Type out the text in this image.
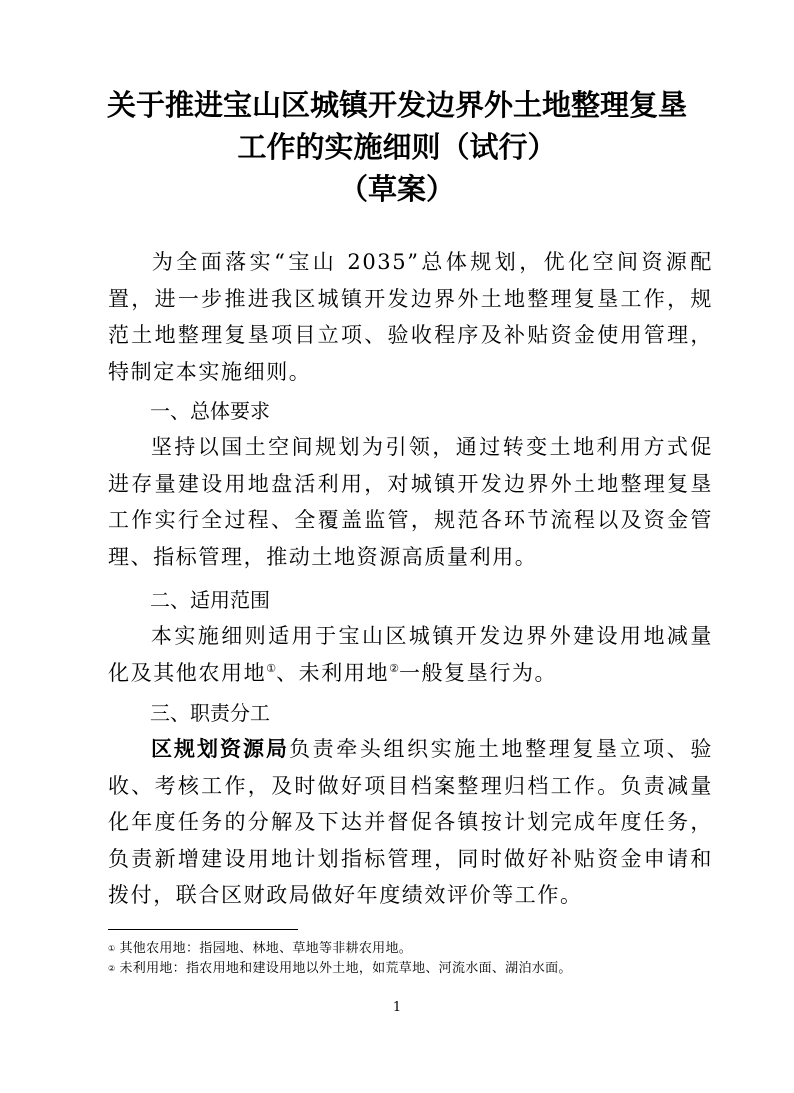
关于推进宝山区城镇开发边界外土地整理复垦
工作的实施细则（试行）
（草案）
为全面落实“宝山 2035”总体规划，优化空间资源配置，进一步推进我区城镇开发边界外土地整理复垦工作，规范土地整理复垦项目立项、验收程序及补贴资金使用管理，特制定本实施细则。
一、总体要求
坚持以国土空间规划为引领，通过转变土地利用方式促进存量建设用地盘活利用，对城镇开发边界外土地整理复垦工作实行全过程、全覆盖监管，规范各环节流程以及资金管理、指标管理，推动土地资源高质量利用。
二、适用范围
本实施细则适用于宝山区城镇开发边界外建设用地减量化及其他农用地①、未利用地②一般复垦行为。
三、职责分工
区规划资源局负责牵头组织实施土地整理复垦立项、验收、考核工作，及时做好项目档案整理归档工作。负责减量化年度任务的分解及下达并督促各镇按计划完成年度任务，负责新增建设用地计划指标管理，同时做好补贴资金申请和拨付，联合区财政局做好年度绩效评价等工作。
① 其他农用地：指园地、林地、草地等非耕农用地。
② 未利用地：指农用地和建设用地以外土地，如荒草地、河流水面、湖泊水面。
1
